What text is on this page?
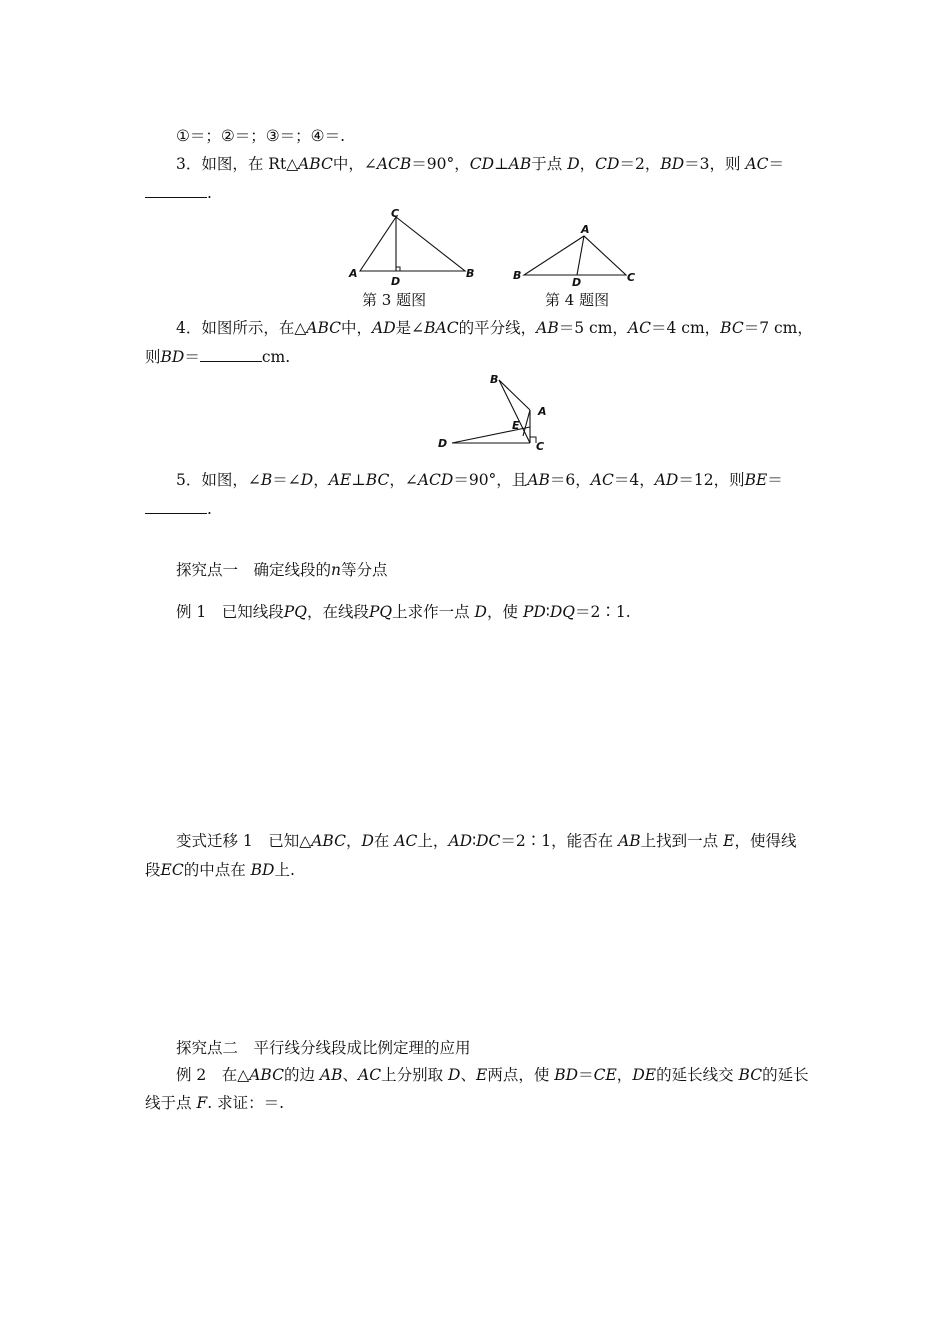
①＝；②＝；③＝；④＝.
3．如图，在 Rt△ABC中，∠ACB＝90°，CD⊥AB于点 D，CD＝2，BD＝3，则 AC＝
.
C
A	B
D
第 3 题图
A
B	C
D
第 4 题图
4．如图所示，在△ABC中，AD是∠BAC的平分线，AB＝5 cm，AC＝4 cm，BC＝7 cm，
则BD＝	cm.
B
A
E
D	C
5．如图，∠B＝∠D，AE⊥BC，∠ACD＝90°，且AB＝6，AC＝4，AD＝12，则BE＝
.
探究点一　确定线段的n等分点
例 1　已知线段PQ，在线段PQ上求作一点 D，使 PD∶DQ＝2∶1.
变式迁移 1　已知△ABC，D在 AC上，AD∶DC＝2∶1，能否在 AB上找到一点 E，使得线
段EC的中点在 BD上.
探究点二　平行线分线段成比例定理的应用
例 2　在△ABC的边 AB、AC上分别取 D、E两点，使 BD＝CE，DE的延长线交 BC的延长
线于点 F. 求证：＝.
